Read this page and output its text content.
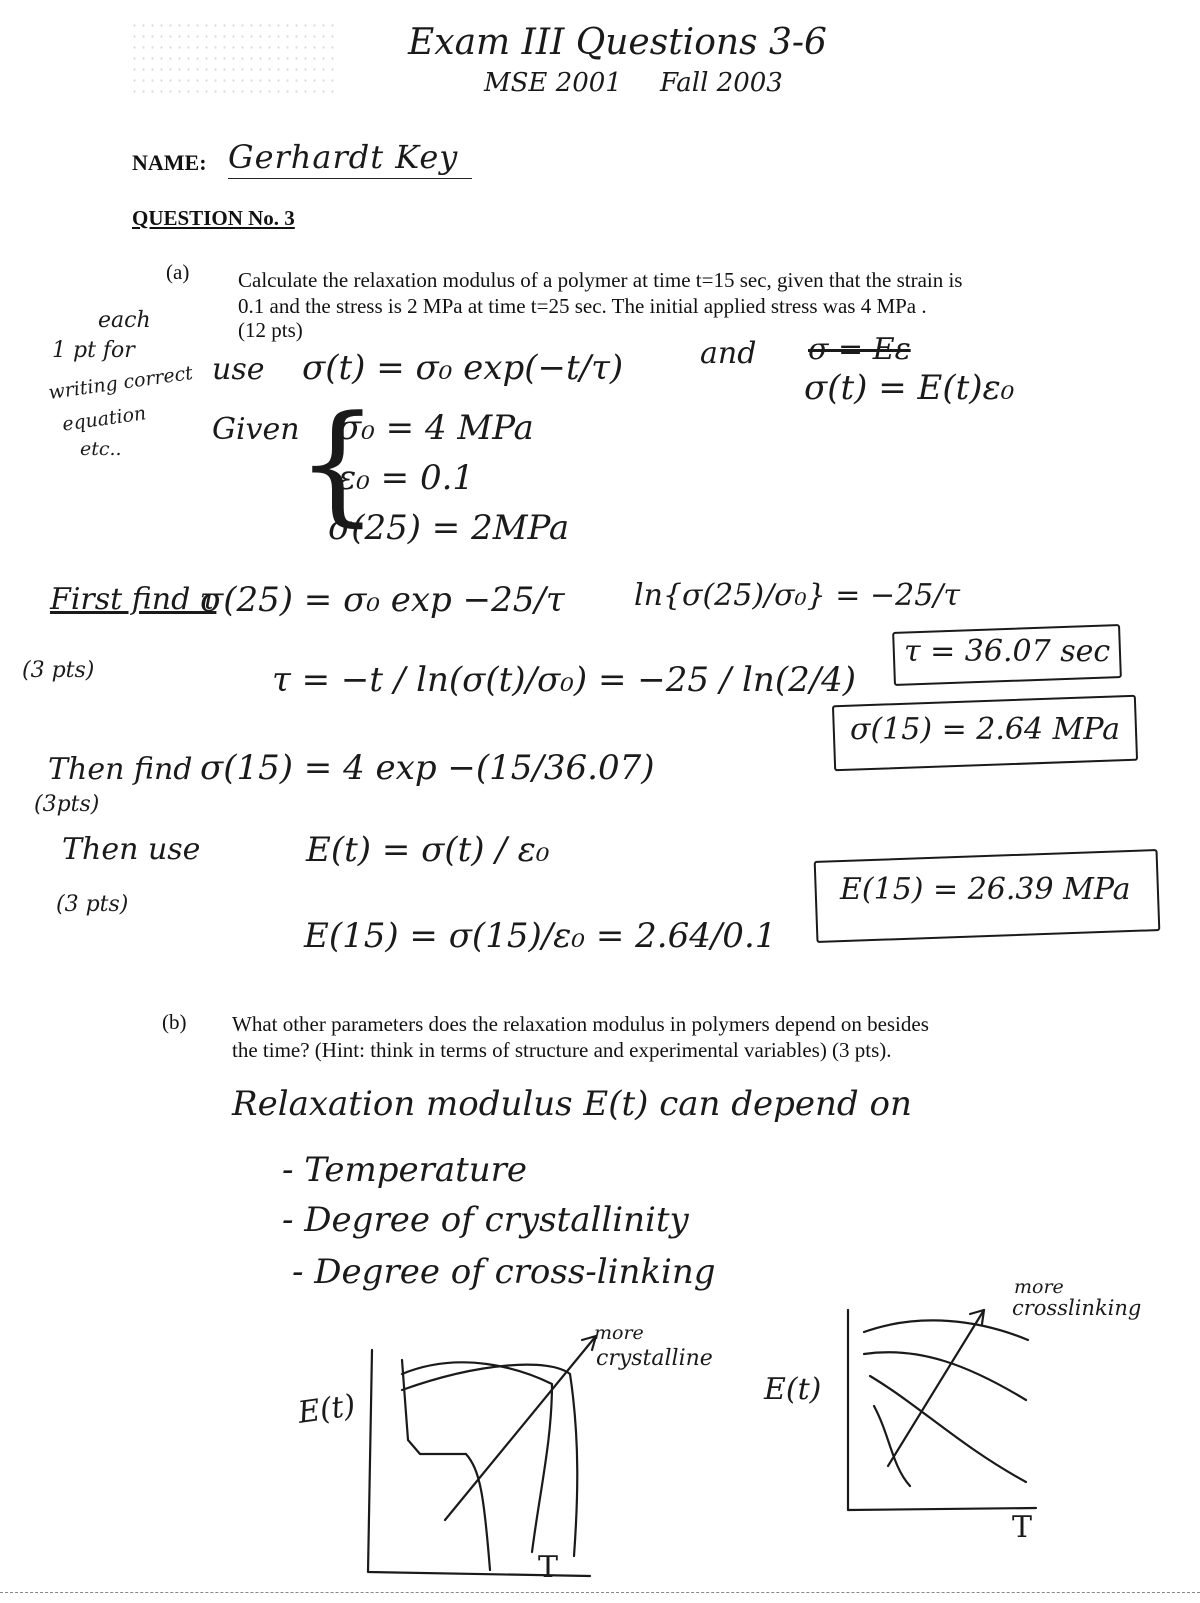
Exam III Questions 3-6
MSE 2001 Fall 2003
NAME: Gerhardt Key
QUESTION No. 3
(a) Calculate the relaxation modulus of a polymer at time t=15 sec, given that the strain is
0.1 and the stress is 2 MPa at time t=25 sec. The initial applied stress was 4 MPa .
(12 pts)
each
1 pt for
writing correct
equation
etc..
use σ(t) = σ₀ exp(−t/τ)	and σ = Eε
σ(t) = E(t)ε₀
Given
{
σ₀ = 4 MPa
ε₀ = 0.1
σ(25) = 2MPa
First find τ
σ(25) = σ₀ exp −25/τ ln{σ(25)/σ₀} = −25/τ
(3 pts)	τ = −t / ln(σ(t)/σ₀) = −25 / ln(2/4)
τ = 36.07 sec
Then find σ(15) = 4 exp −(15/36.07)
(3pts)
σ(15) = 2.64 MPa
Then use	E(t) = σ(t) / ε₀
(3 pts)
E(15) = σ(15)/ε₀ = 2.64/0.1
E(15) = 26.39 MPa
(b) What other parameters does the relaxation modulus in polymers depend on besides
the time? (Hint: think in terms of structure and experimental variables) (3 pts).
Relaxation modulus E(t) can depend on
- Temperature
- Degree of crystallinity
- Degree of cross-linking
E(t)
T
more
crystalline
E(t)
T
more
crosslinking
